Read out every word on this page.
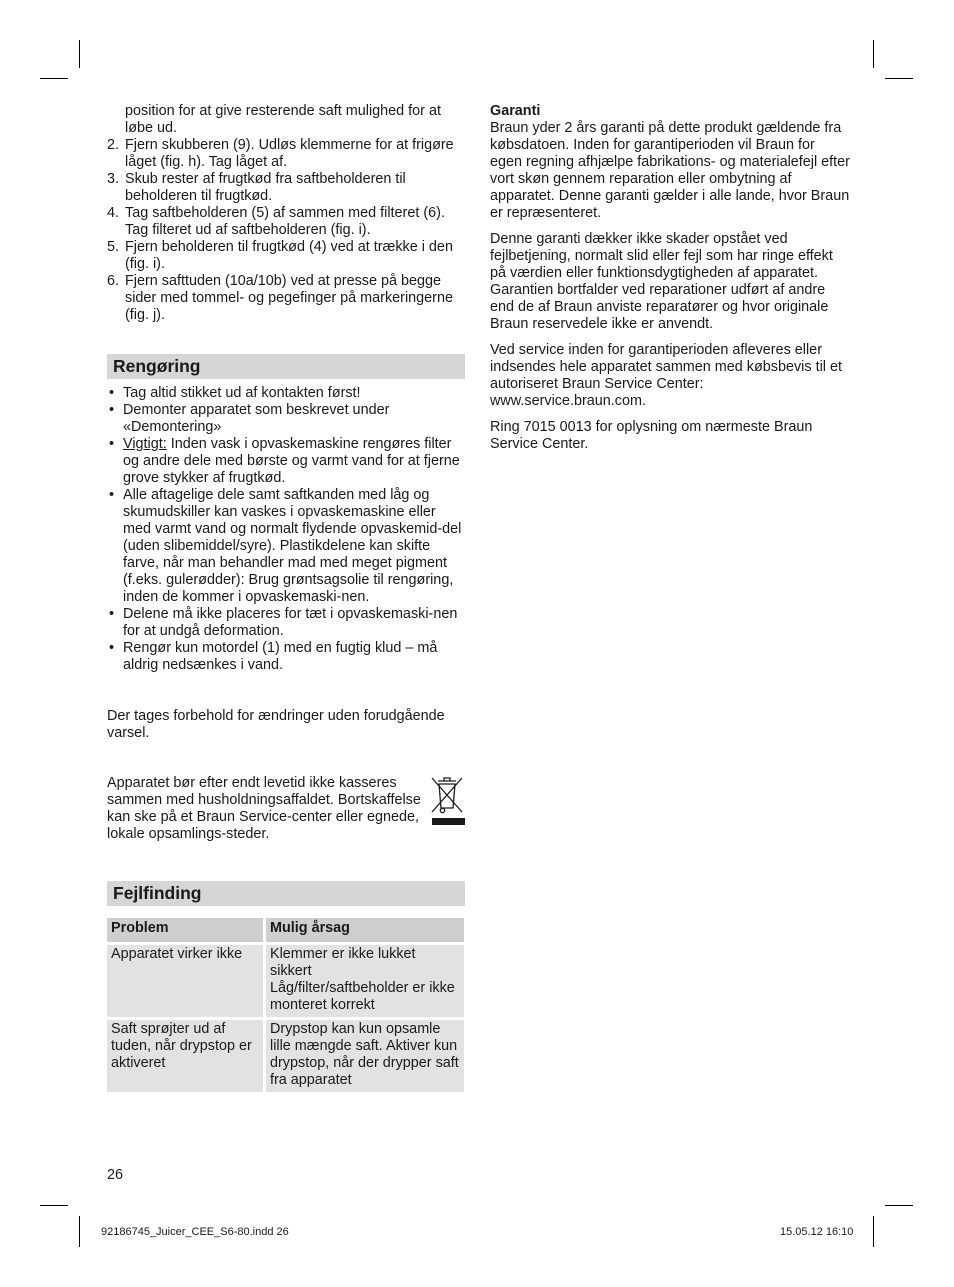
position for at give resterende saft mulighed for at løbe ud.
2. Fjern skubberen (9). Udløs klemmerne for at frigøre låget (fig. h). Tag låget af.
3. Skub rester af frugtkød fra saftbeholderen til beholderen til frugtkød.
4. Tag saftbeholderen (5) af sammen med filteret (6). Tag filteret ud af saftbeholderen (fig. i).
5. Fjern beholderen til frugtkød (4) ved at trække i den (fig. i).
6. Fjern safttuden (10a/10b) ved at presse på begge sider med tommel- og pegefinger på markeringerne (fig. j).
Rengøring
• Tag altid stikket ud af kontakten først!
• Demonter apparatet som beskrevet under «Demontering»
• Vigtigt: Inden vask i opvaskemaskine rengøres filter og andre dele med børste og varmt vand for at fjerne grove stykker af frugtkød.
• Alle aftagelige dele samt saftkanden med låg og skumudskiller kan vaskes i opvaskemaskine eller med varmt vand og normalt flydende opvaskemid-del (uden slibemiddel/syre). Plastikdelene kan skifte farve, når man behandler mad med meget pigment (f.eks. gulerødder): Brug grøntsagsolie til rengøring, inden de kommer i opvaskemaski-nen.
• Delene må ikke placeres for tæt i opvaskemaski-nen for at undgå deformation.
• Rengør kun motordel (1) med en fugtig klud – må aldrig nedsænkes i vand.

Der tages forbehold for ændringer uden forudgående varsel.

Apparatet bør efter endt levetid ikke kasseres sammen med husholdningsaffaldet. Bortskaffelse kan ske på et Braun Service-center eller egnede, lokale opsamlings-steder.

Fejlfinding
Problem	Mulig årsag

Apparatet virker ikke	Klemmer er ikke lukket sikkert
Låg/filter/saftbeholder er ikke monteret korrekt

Saft sprøjter ud af tuden, når drypstop er aktiveret	Drypstop kan kun opsamle lille mængde saft. Aktiver kun drypstop, når der drypper saft fra apparatet

Garanti

Braun yder 2 års garanti på dette produkt gældende fra købsdatoen. Inden for garantiperioden vil Braun for egen regning afhjælpe fabrikations- og materialefejl efter vort skøn gennem reparation eller ombytning af apparatet. Denne garanti gælder i alle lande, hvor Braun er repræsenteret.

Denne garanti dækker ikke skader opstået ved fejlbetjening, normalt slid eller fejl som har ringe effekt på værdien eller funktionsdygtigheden af apparatet. Garantien bortfalder ved reparationer udført af andre end de af Braun anviste reparatører og hvor originale Braun reservedele ikke er anvendt.

Ved service inden for garantiperioden afleveres eller indsendes hele apparatet sammen med købsbevis til et autoriseret Braun Service Center: www.service.braun.com.

Ring 7015 0013 for oplysning om nærmeste Braun Service Center.

26
92186745_Juicer_CEE_S6-80.indd 26	15.05.12 16:10
